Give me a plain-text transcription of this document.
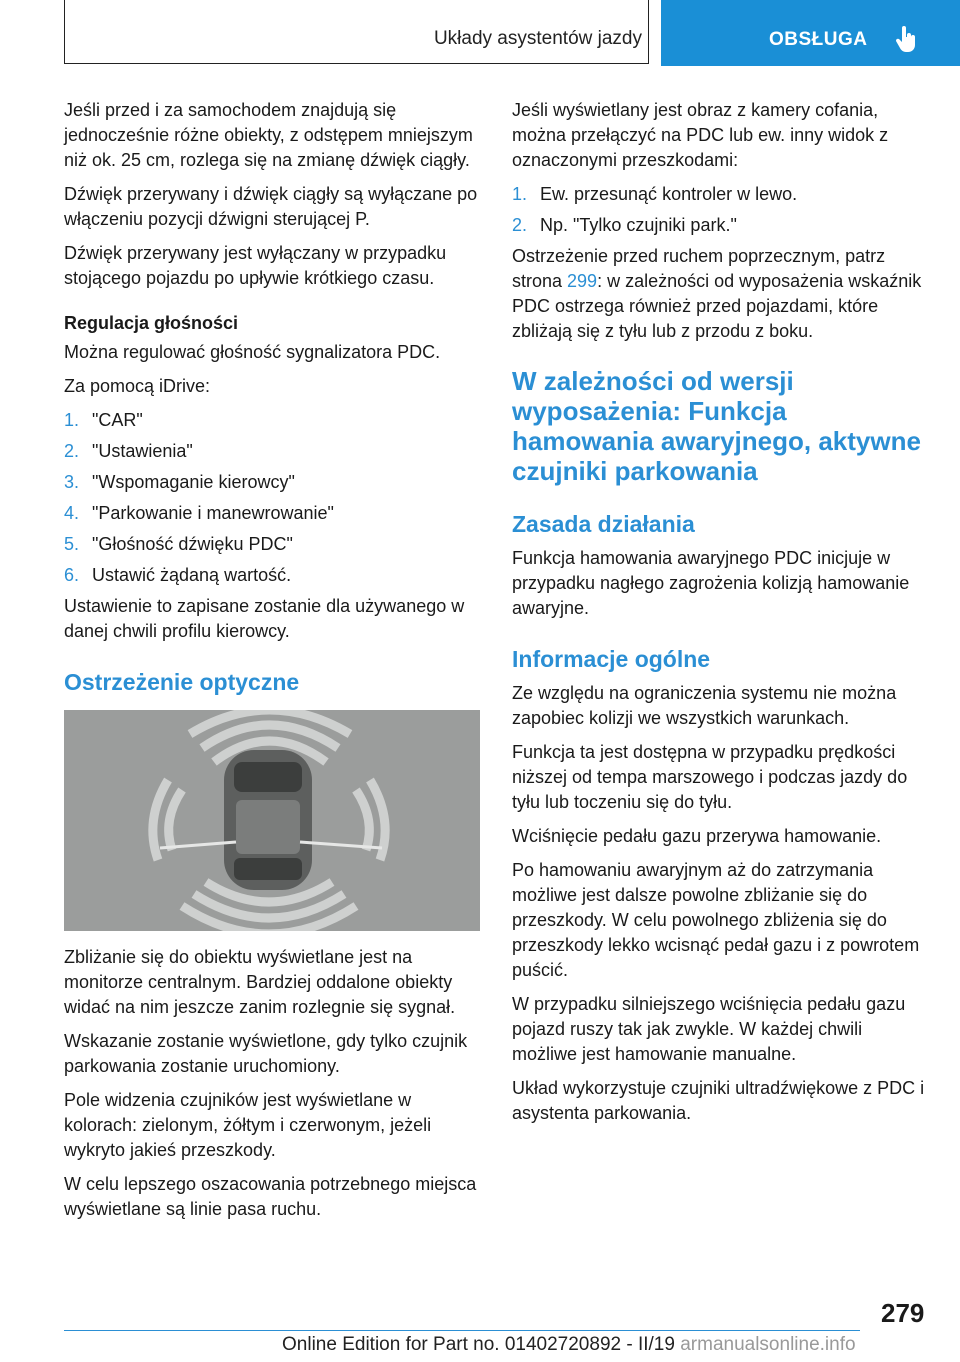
Układy asystentów jazdy	OBSŁUGA

Jeśli przed i za samochodem znajdują się jednocześnie różne obiekty, z odstępem mniejszym niż ok. 25 cm, rozlega się na zmianę dźwięk ciągły.

Dźwięk przerywany i dźwięk ciągły są wyłączane po włączeniu pozycji dźwigni sterującej P.

Dźwięk przerywany jest wyłączany w przypadku stojącego pojazdu po upływie krótkiego czasu.

Regulacja głośności

Można regulować głośność sygnalizatora PDC.

Za pomocą iDrive:

1. "CAR"
2. "Ustawienia"
3. "Wspomaganie kierowcy"
4. "Parkowanie i manewrowanie"
5. "Głośność dźwięku PDC"
6. Ustawić żądaną wartość.

Ustawienie to zapisane zostanie dla używanego w danej chwili profilu kierowcy.

Ostrzeżenie optyczne

Zbliżanie się do obiektu wyświetlane jest na monitorze centralnym. Bardziej oddalone obiekty widać na nim jeszcze zanim rozlegnie się sygnał.

Wskazanie zostanie wyświetlone, gdy tylko czujnik parkowania zostanie uruchomiony.

Pole widzenia czujników jest wyświetlane w kolorach: zielonym, żółtym i czerwonym, jeżeli wykryto jakieś przeszkody.

W celu lepszego oszacowania potrzebnego miejsca wyświetlane są linie pasa ruchu.

Jeśli wyświetlany jest obraz z kamery cofania, można przełączyć na PDC lub ew. inny widok z oznaczonymi przeszkodami:

1. Ew. przesunąć kontroler w lewo.
2. Np. "Tylko czujniki park."

Ostrzeżenie przed ruchem poprzecznym, patrz strona 299: w zależności od wyposażenia wskaźnik PDC ostrzega również przed pojazdami, które zbliżają się z tyłu lub z przodu z boku.

W zależności od wersji wyposażenia: Funkcja hamowania awaryjnego, aktywne czujniki parkowania
Zasada działania

Funkcja hamowania awaryjnego PDC inicjuje w przypadku nagłego zagrożenia kolizją hamowanie awaryjne.

Informacje ogólne

Ze względu na ograniczenia systemu nie można zapobiec kolizji we wszystkich warunkach.

Funkcja ta jest dostępna w przypadku prędkości niższej od tempa marszowego i podczas jazdy do tyłu lub toczeniu się do tyłu.

Wciśnięcie pedału gazu przerywa hamowanie.

Po hamowaniu awaryjnym aż do zatrzymania możliwe jest dalsze powolne zbliżanie się do przeszkody. W celu powolnego zbliżenia się do przeszkody lekko wcisnąć pedał gazu i z powrotem puścić.

W przypadku silniejszego wciśnięcia pedału gazu pojazd ruszy tak jak zwykle. W każdej chwili możliwe jest hamowanie manualne.

Układ wykorzystuje czujniki ultradźwiękowe z PDC i asystenta parkowania.

279
Online Edition for Part no. 01402720892 - II/19 armanualsonline.info
